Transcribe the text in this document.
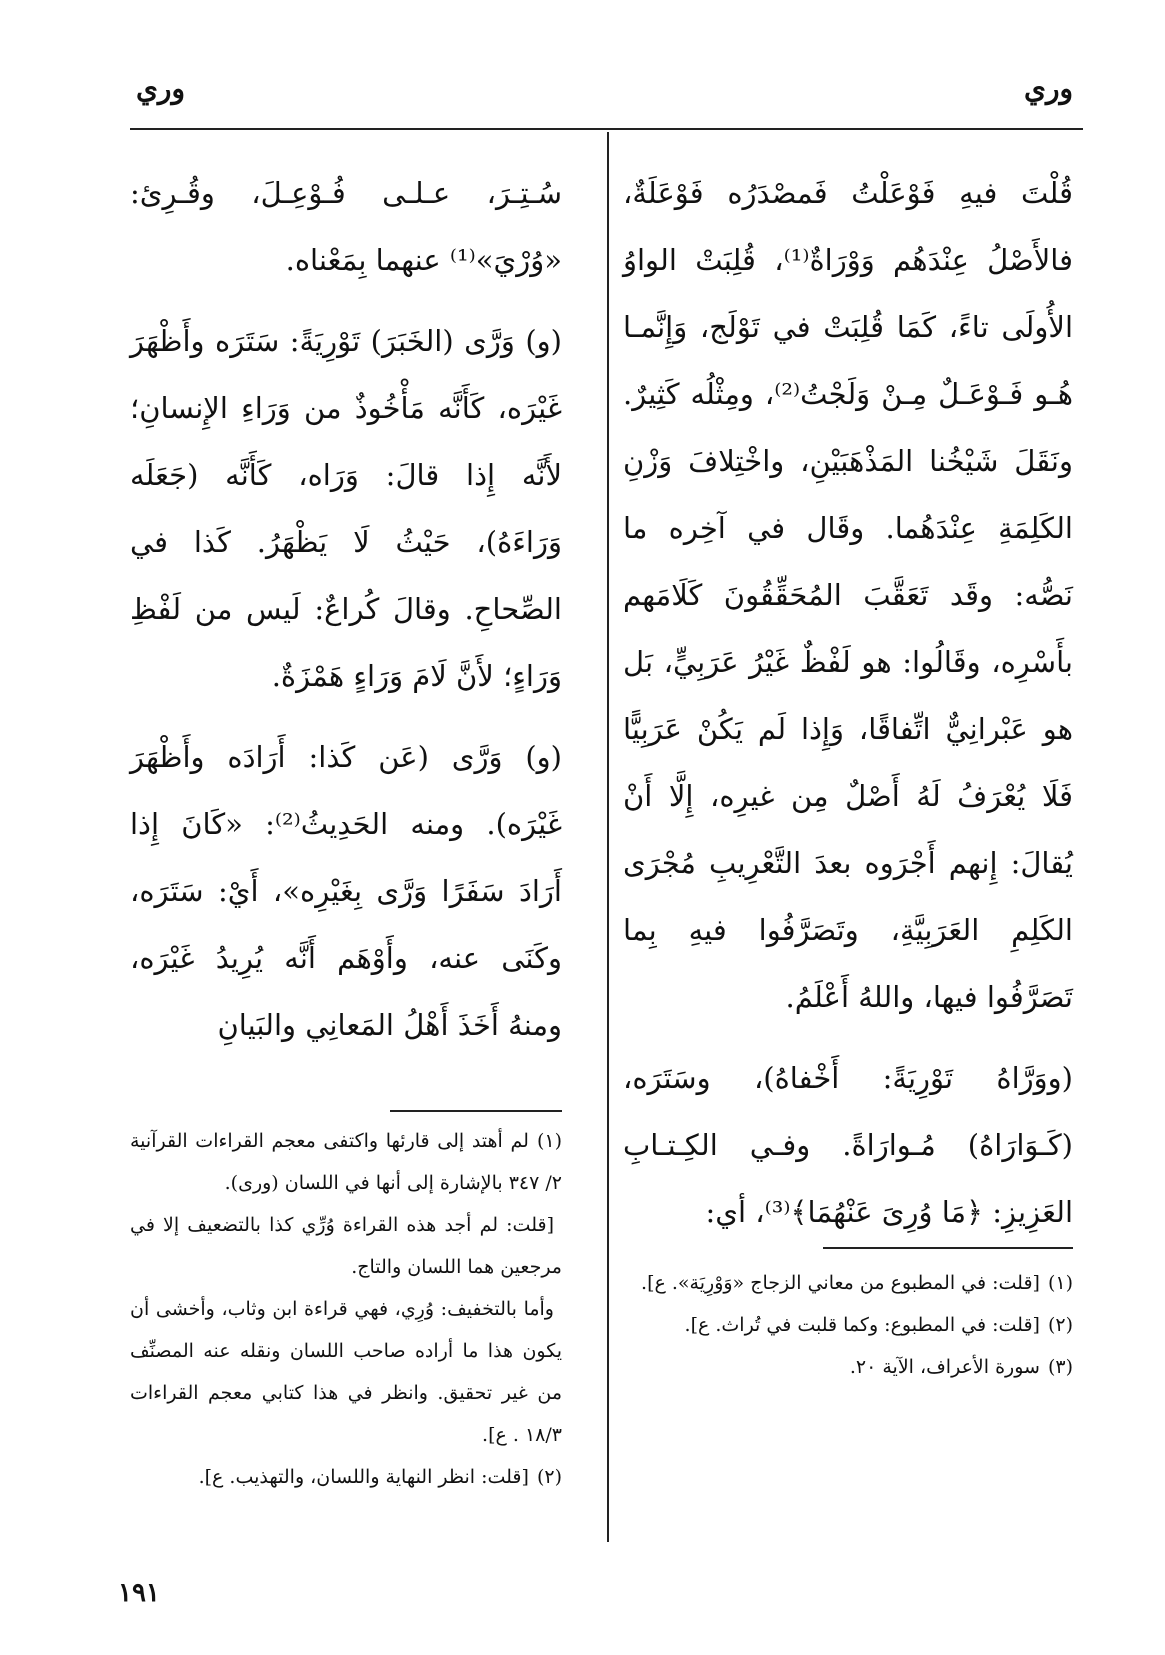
وري
وري

قُلْتَ فيهِ فَوْعَلْتُ فَمصْدَرُه فَوْعَلَةٌ، فالأَصْلُ عِنْدَهُم وَوْرَاةٌ⁽¹⁾، قُلِبَتْ الواوُ الأُولَى تاءً، كَمَا قُلِبَتْ في تَوْلَج، وَإِنَّمـا هُـو فَـوْعَـلٌ مِـنْ وَلَجْتُ⁽²⁾، ومِثْلُه كَثِيرٌ. ونَقَلَ شَيْخُنا المَذْهَبَيْنِ، واخْتِلافَ وَزْنِ الكَلِمَةِ عِنْدَهُما. وقَال في آخِره ما نَصُّه: وقَد تَعَقَّبَ المُحَقِّقُونَ كَلَامَهم بأَسْرِه، وقَالُوا: هو لَفْظٌ غَيْرُ عَرَبِيٍّ، بَل هو عَبْرانِيٌّ اتِّفاقًا، وَإِذا لَم يَكُنْ عَرَبِيًّا فَلَا يُعْرَفُ لَهُ أَصْلٌ مِن غيرِه، إِلَّا أَنْ يُقالَ: إِنهم أَجْرَوه بعدَ التَّعْرِيبِ مُجْرَى الكَلِمِ العَرَبِيَّةِ، وتَصَرَّفُوا فيهِ بِما تَصَرَّفُوا فيها، واللهُ أَعْلَمُ.

(ووَرَّاهُ تَوْرِيَةً: أَخْفاهُ)، وسَتَرَه، (كَـوَارَاهُ) مُـوارَاةً. وفـي الكِـتـابِ العَزِيزِ: ﴿مَا وُرِىَ عَنْهُمَا﴾⁽³⁾، أي:

سُـتِـرَ، عـلـى فُـوْعِـلَ، وقُـرِئ: «وُرْيَ»⁽¹⁾ عنهما بِمَعْناه.

(و) وَرَّى (الخَبَرَ) تَوْرِيَةً: سَتَرَه وأَظْهَرَ غَيْرَه، كَأَنَّه مَأْخُوذٌ من وَرَاءِ الإِنسانِ؛ لأَنَّه إِذا قالَ: وَرَاه، كَأَنَّه (جَعَلَه وَرَاءَهُ)، حَيْثُ لَا يَظْهَرُ. كَذا في الصِّحاحِ. وقالَ كُراعٌ: لَيس من لَفْظِ وَرَاءٍ؛ لأَنَّ لَامَ وَرَاءٍ هَمْزَةٌ.

(و) وَرَّى (عَن كَذا: أَرَادَه وأَظْهَرَ غَيْرَه). ومنه الحَدِيثُ⁽²⁾: «كَانَ إِذا أَرَادَ سَفَرًا وَرَّى بِغَيْرِه»، أَيْ: سَتَرَه، وكَنَى عنه، وأَوْهَم أَنَّه يُرِيدُ غَيْرَه، ومنهُ أَخَذَ أَهْلُ المَعانِي والبَيانِ

(١)[قلت: في المطبوع من معاني الزجاج «وَوْرِيَة». ع].

(٢)[قلت: في المطبوع: وكما قلبت في تُراث. ع].

(٣)سورة الأعراف، الآية ٢٠.

(١)لم أهتد إلى قارئها واكتفى معجم القراءات القرآنية ٢/ ٣٤٧ بالإشارة إلى أنها في اللسان (ورى).

[قلت: لم أجد هذه القراءة وُرِّي كذا بالتضعيف إلا في مرجعين هما اللسان والتاج.

وأما بالتخفيف: وُرِي، فهي قراءة ابن وثاب، وأخشى أن يكون هذا ما أراده صاحب اللسان ونقله عنه المصنِّف من غير تحقيق. وانظر في هذا كتابي معجم القراءات ١٨/٣ . ع].

(٢)[قلت: انظر النهاية واللسان، والتهذيب. ع].

١٩١
